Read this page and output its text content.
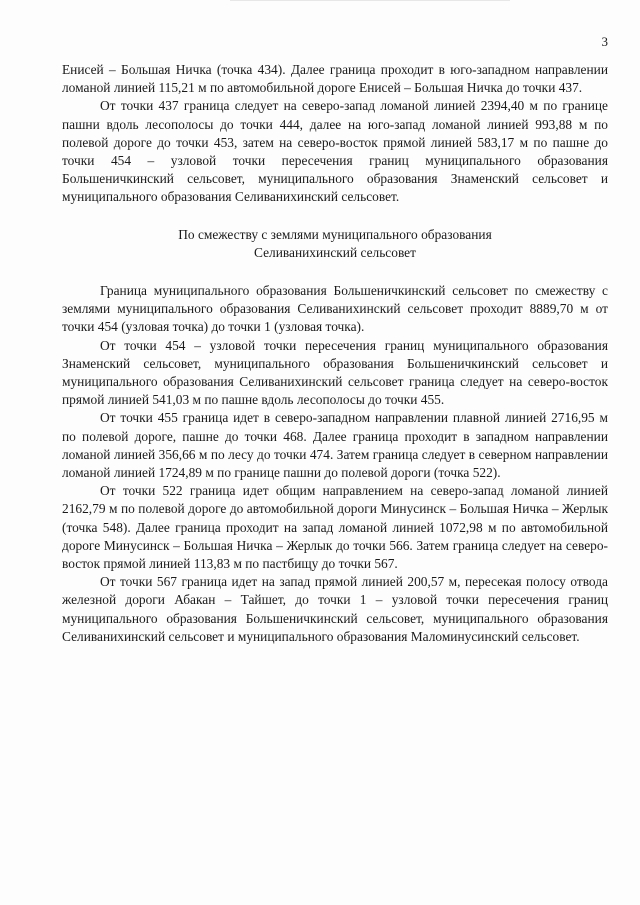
3

Енисей – Большая Ничка (точка 434). Далее граница проходит в юго-западном направлении ломаной линией 115,21 м по автомобильной дороге Енисей – Большая Ничка до точки 437.

От точки 437 граница следует на северо-запад ломаной линией 2394,40 м по границе пашни вдоль лесополосы до точки 444, далее на юго-запад ломаной линией 993,88 м по полевой дороге до точки 453, затем на северо-восток прямой линией 583,17 м по пашне до точки 454 – узловой точки пересечения границ муниципального образования Большеничкинский сельсовет, муниципального образования Знаменский сельсовет и муниципального образования Селиванихинский сельсовет.

По смежеству с землями муниципального образования
Селиванихинский сельсовет

Граница муниципального образования Большеничкинский сельсовет по смежеству с землями муниципального образования Селиванихинский сельсовет проходит 8889,70 м от точки 454 (узловая точка) до точки 1 (узловая точка).

От точки 454 – узловой точки пересечения границ муниципального образования Знаменский сельсовет, муниципального образования Большеничкинский сельсовет и муниципального образования Селиванихинский сельсовет граница следует на северо-восток прямой линией 541,03 м по пашне вдоль лесополосы до точки 455.

От точки 455 граница идет в северо-западном направлении плавной линией 2716,95 м по полевой дороге, пашне до точки 468. Далее граница проходит в западном направлении ломаной линией 356,66 м по лесу до точки 474. Затем граница следует в северном направлении ломаной линией 1724,89 м по границе пашни до полевой дороги (точка 522).

От точки 522 граница идет общим направлением на северо-запад ломаной линией 2162,79 м по полевой дороге до автомобильной дороги Минусинск – Большая Ничка – Жерлык (точка 548). Далее граница проходит на запад ломаной линией 1072,98 м по автомобильной дороге Минусинск – Большая Ничка – Жерлык до точки 566. Затем граница следует на северо-восток прямой линией 113,83 м по пастбищу до точки 567.

От точки 567 граница идет на запад прямой линией 200,57 м, пересекая полосу отвода железной дороги Абакан – Тайшет, до точки 1 – узловой точки пересечения границ муниципального образования Большеничкинский сельсовет, муниципального образования Селиванихинский сельсовет и муниципального образования Маломинусинский сельсовет.
